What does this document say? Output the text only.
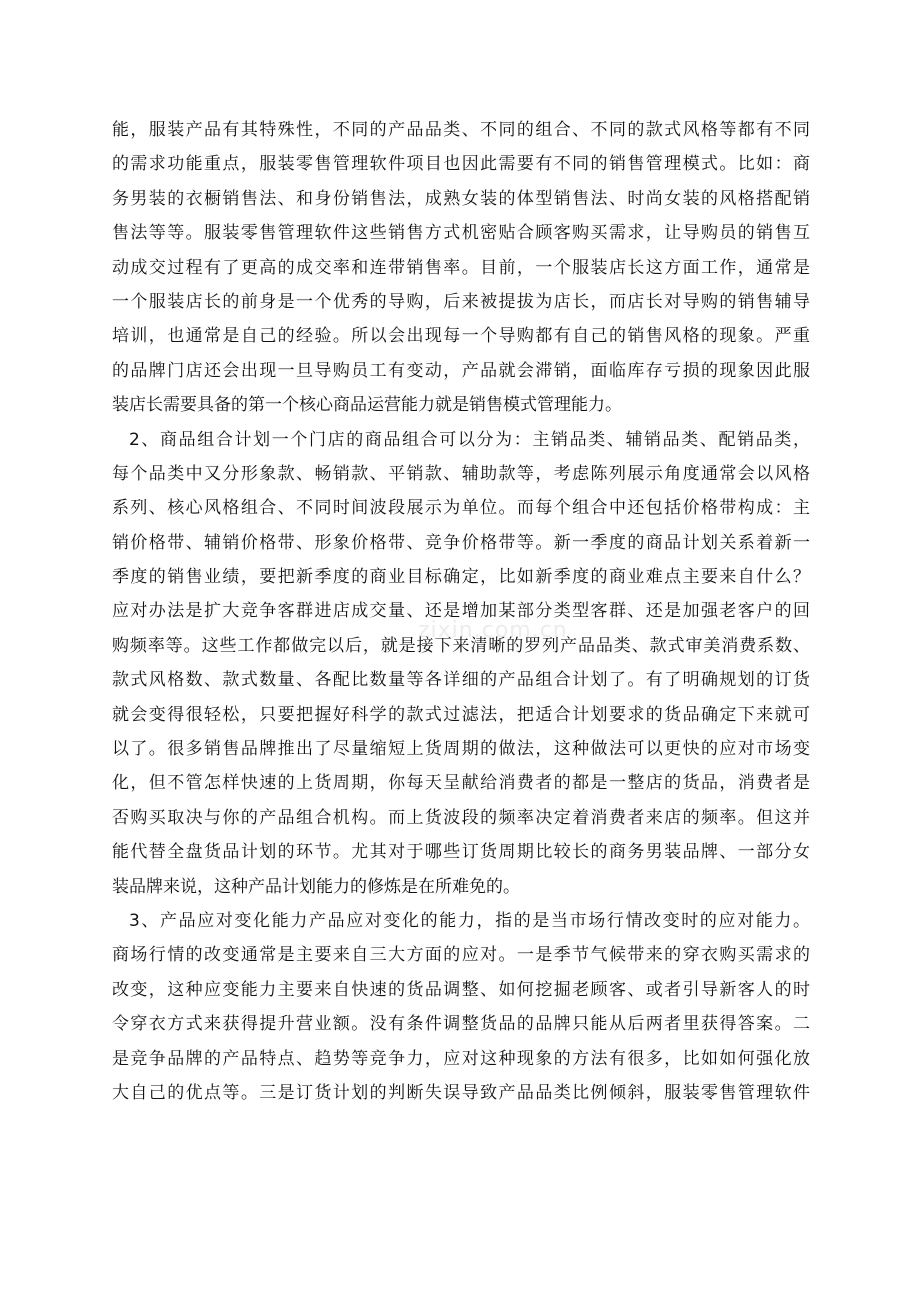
zixin.com.cn
能，服装产品有其特殊性，不同的产品品类、不同的组合、不同的款式风格等都有不同
的需求功能重点，服装零售管理软件项目也因此需要有不同的销售管理模式。比如：商
务男装的衣橱销售法、和身份销售法，成熟女装的体型销售法、时尚女装的风格搭配销
售法等等。服装零售管理软件这些销售方式机密贴合顾客购买需求，让导购员的销售互
动成交过程有了更高的成交率和连带销售率。目前，一个服装店长这方面工作，通常是
一个服装店长的前身是一个优秀的导购，后来被提拔为店长，而店长对导购的销售辅导
培训，也通常是自己的经验。所以会出现每一个导购都有自己的销售风格的现象。严重
的品牌门店还会出现一旦导购员工有变动，产品就会滞销，面临库存亏损的现象因此服
装店长需要具备的第一个核心商品运营能力就是销售模式管理能力。
2、商品组合计划一个门店的商品组合可以分为：主销品类、辅销品类、配销品类，
每个品类中又分形象款、畅销款、平销款、辅助款等，考虑陈列展示角度通常会以风格
系列、核心风格组合、不同时间波段展示为单位。而每个组合中还包括价格带构成：主
销价格带、辅销价格带、形象价格带、竞争价格带等。新一季度的商品计划关系着新一
季度的销售业绩，要把新季度的商业目标确定，比如新季度的商业难点主要来自什么？
应对办法是扩大竞争客群进店成交量、还是增加某部分类型客群、还是加强老客户的回
购频率等。这些工作都做完以后，就是接下来清晰的罗列产品品类、款式审美消费系数、
款式风格数、款式数量、各配比数量等各详细的产品组合计划了。有了明确规划的订货
就会变得很轻松，只要把握好科学的款式过滤法，把适合计划要求的货品确定下来就可
以了。很多销售品牌推出了尽量缩短上货周期的做法，这种做法可以更快的应对市场变
化，但不管怎样快速的上货周期，你每天呈献给消费者的都是一整店的货品，消费者是
否购买取决与你的产品组合机构。而上货波段的频率决定着消费者来店的频率。但这并
能代替全盘货品计划的环节。尤其对于哪些订货周期比较长的商务男装品牌、一部分女
装品牌来说，这种产品计划能力的修炼是在所难免的。
3、产品应对变化能力产品应对变化的能力，指的是当市场行情改变时的应对能力。
商场行情的改变通常是主要来自三大方面的应对。一是季节气候带来的穿衣购买需求的
改变，这种应变能力主要来自快速的货品调整、如何挖掘老顾客、或者引导新客人的时
令穿衣方式来获得提升营业额。没有条件调整货品的品牌只能从后两者里获得答案。二
是竞争品牌的产品特点、趋势等竞争力，应对这种现象的方法有很多，比如如何强化放
大自己的优点等。三是订货计划的判断失误导致产品品类比例倾斜，服装零售管理软件
